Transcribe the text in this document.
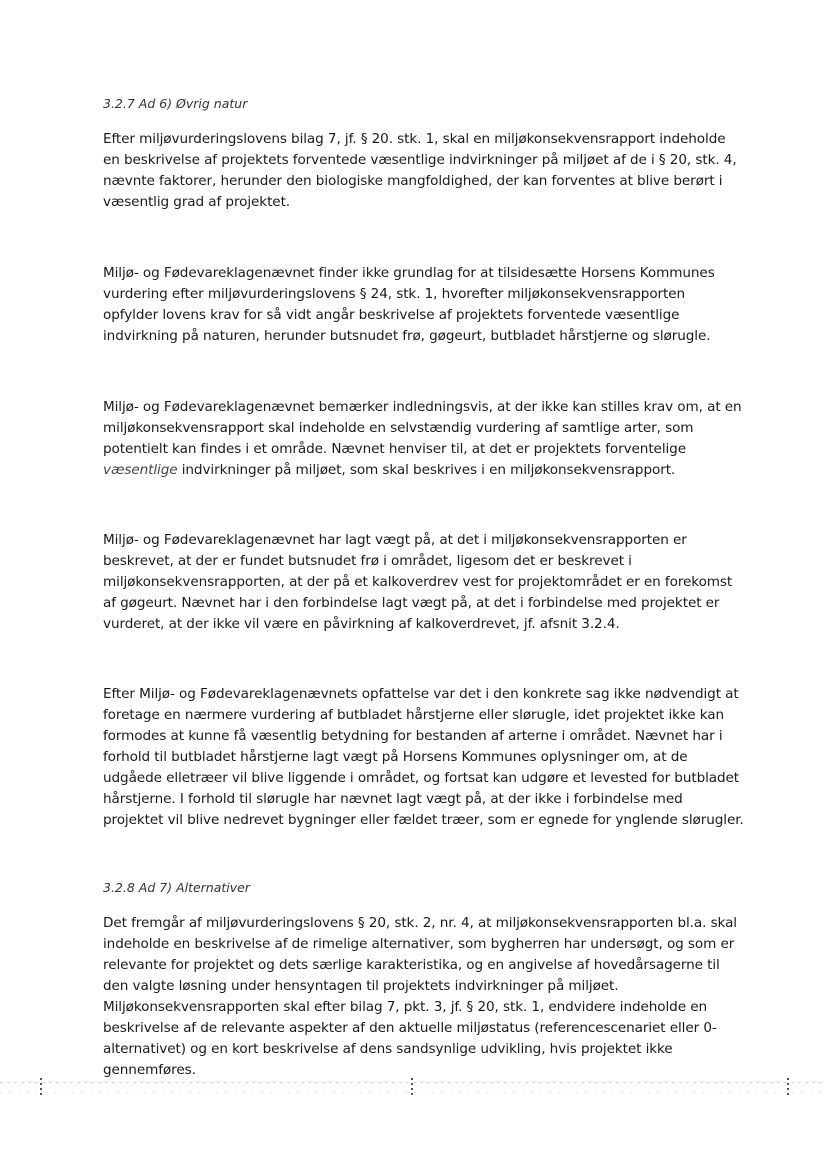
3.2.7 Ad 6) Øvrig natur
Efter miljøvurderingslovens bilag 7, jf. § 20. stk. 1, skal en miljøkonsekvensrapport indeholde
en beskrivelse af projektets forventede væsentlige indvirkninger på miljøet af de i § 20, stk. 4,
nævnte faktorer, herunder den biologiske mangfoldighed, der kan forventes at blive berørt i
væsentlig grad af projektet.
Miljø- og Fødevareklagenævnet finder ikke grundlag for at tilsidesætte Horsens Kommunes
vurdering efter miljøvurderingslovens § 24, stk. 1, hvorefter miljøkonsekvensrapporten
opfylder lovens krav for så vidt angår beskrivelse af projektets forventede væsentlige
indvirkning på naturen, herunder butsnudet frø, gøgeurt, butbladet hårstjerne og slørugle.
Miljø- og Fødevareklagenævnet bemærker indledningsvis, at der ikke kan stilles krav om, at en
miljøkonsekvensrapport skal indeholde en selvstændig vurdering af samtlige arter, som
potentielt kan findes i et område. Nævnet henviser til, at det er projektets forventelige
væsentlige indvirkninger på miljøet, som skal beskrives i en miljøkonsekvensrapport.
Miljø- og Fødevareklagenævnet har lagt vægt på, at det i miljøkonsekvensrapporten er
beskrevet, at der er fundet butsnudet frø i området, ligesom det er beskrevet i
miljøkonsekvensrapporten, at der på et kalkoverdrev vest for projektområdet er en forekomst
af gøgeurt. Nævnet har i den forbindelse lagt vægt på, at det i forbindelse med projektet er
vurderet, at der ikke vil være en påvirkning af kalkoverdrevet, jf. afsnit 3.2.4.
Efter Miljø- og Fødevareklagenævnets opfattelse var det i den konkrete sag ikke nødvendigt at
foretage en nærmere vurdering af butbladet hårstjerne eller slørugle, idet projektet ikke kan
formodes at kunne få væsentlig betydning for bestanden af arterne i området. Nævnet har i
forhold til butbladet hårstjerne lagt vægt på Horsens Kommunes oplysninger om, at de
udgåede elletræer vil blive liggende i området, og fortsat kan udgøre et levested for butbladet
hårstjerne. I forhold til slørugle har nævnet lagt vægt på, at der ikke i forbindelse med
projektet vil blive nedrevet bygninger eller fældet træer, som er egnede for ynglende slørugler.
3.2.8 Ad 7) Alternativer
Det fremgår af miljøvurderingslovens § 20, stk. 2, nr. 4, at miljøkonsekvensrapporten bl.a. skal
indeholde en beskrivelse af de rimelige alternativer, som bygherren har undersøgt, og som er
relevante for projektet og dets særlige karakteristika, og en angivelse af hovedårsagerne til
den valgte løsning under hensyntagen til projektets indvirkninger på miljøet.
Miljøkonsekvensrapporten skal efter bilag 7, pkt. 3, jf. § 20, stk. 1, endvidere indeholde en
beskrivelse af de relevante aspekter af den aktuelle miljøstatus (referencescenariet eller 0-
alternativet) og en kort beskrivelse af dens sandsynlige udvikling, hvis projektet ikke
gennemføres.
